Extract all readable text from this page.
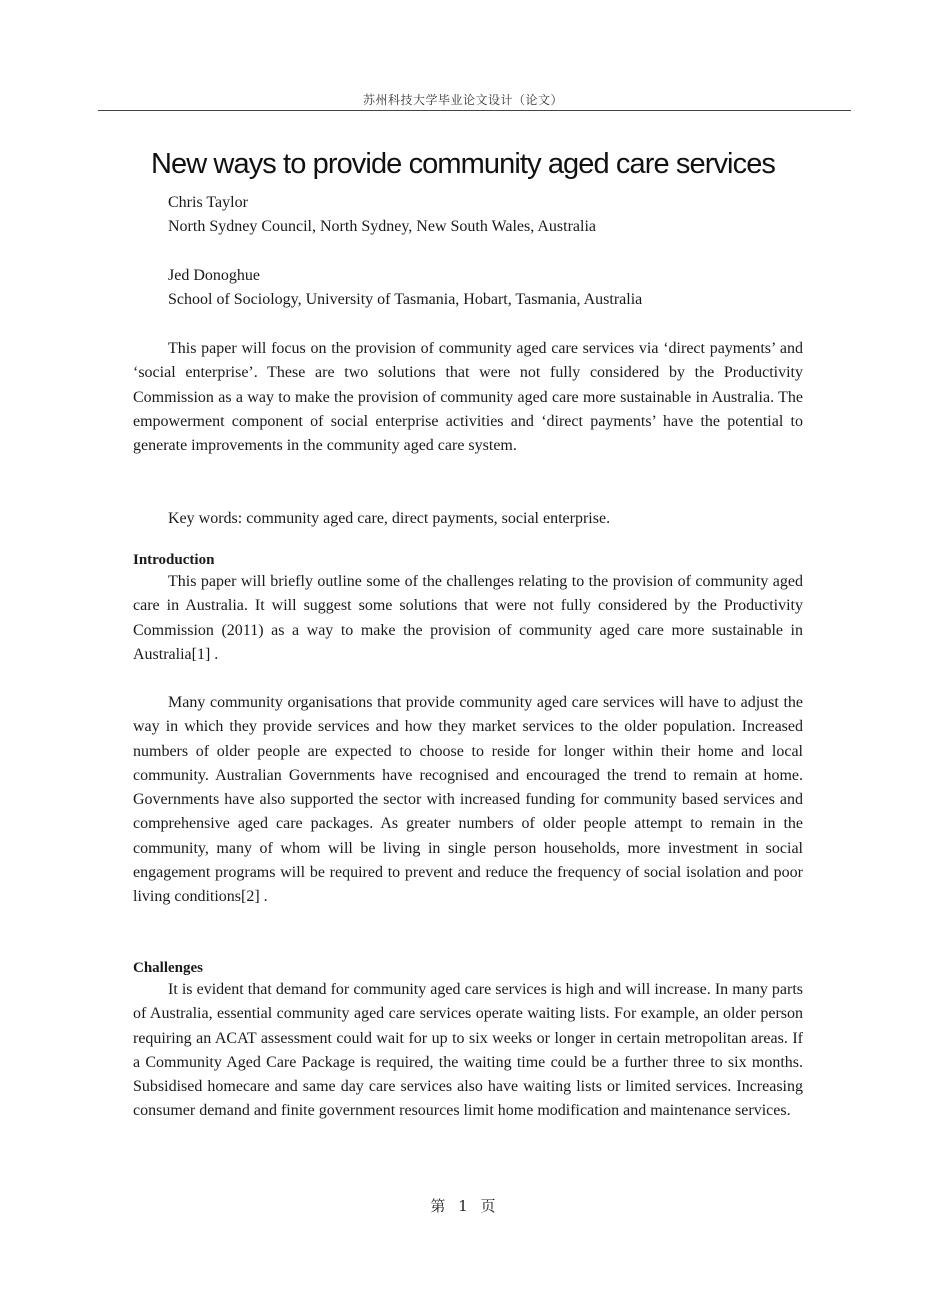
苏州科技大学毕业论文设计（论文）
New ways to provide community aged care services
Chris Taylor
North Sydney Council, North Sydney, New South Wales, Australia
Jed Donoghue
School of Sociology, University of Tasmania, Hobart, Tasmania, Australia

This paper will focus on the provision of community aged care services via ‘direct payments’ and ‘social enterprise’. These are two solutions that were not fully considered by the Productivity Commission as a way to make the provision of community aged care more sustainable in Australia. The empowerment component of social enterprise activities and ‘direct payments’ have the potential to generate improvements in the community aged care system.

Key words: community aged care, direct payments, social enterprise.
Introduction

This paper will briefly outline some of the challenges relating to the provision of community aged care in Australia. It will suggest some solutions that were not fully considered by the Productivity Commission (2011) as a way to make the provision of community aged care more sustainable in Australia[1] .

Many community organisations that provide community aged care services will have to adjust the way in which they provide services and how they market services to the older population. Increased numbers of older people are expected to choose to reside for longer within their home and local community. Australian Governments have recognised and encouraged the trend to remain at home. Governments have also supported the sector with increased funding for community based services and comprehensive aged care packages. As greater numbers of older people attempt to remain in the community, many of whom will be living in single person households, more investment in social engagement programs will be required to prevent and reduce the frequency of social isolation and poor living conditions[2] .

Challenges

It is evident that demand for community aged care services is high and will increase. In many parts of Australia, essential community aged care services operate waiting lists. For example, an older person requiring an ACAT assessment could wait for up to six weeks or longer in certain metropolitan areas. If a Community Aged Care Package is required, the waiting time could be a further three to six months. Subsidised homecare and same day care services also have waiting lists or limited services. Increasing consumer demand and finite government resources limit home modification and maintenance services.

第 1 页
